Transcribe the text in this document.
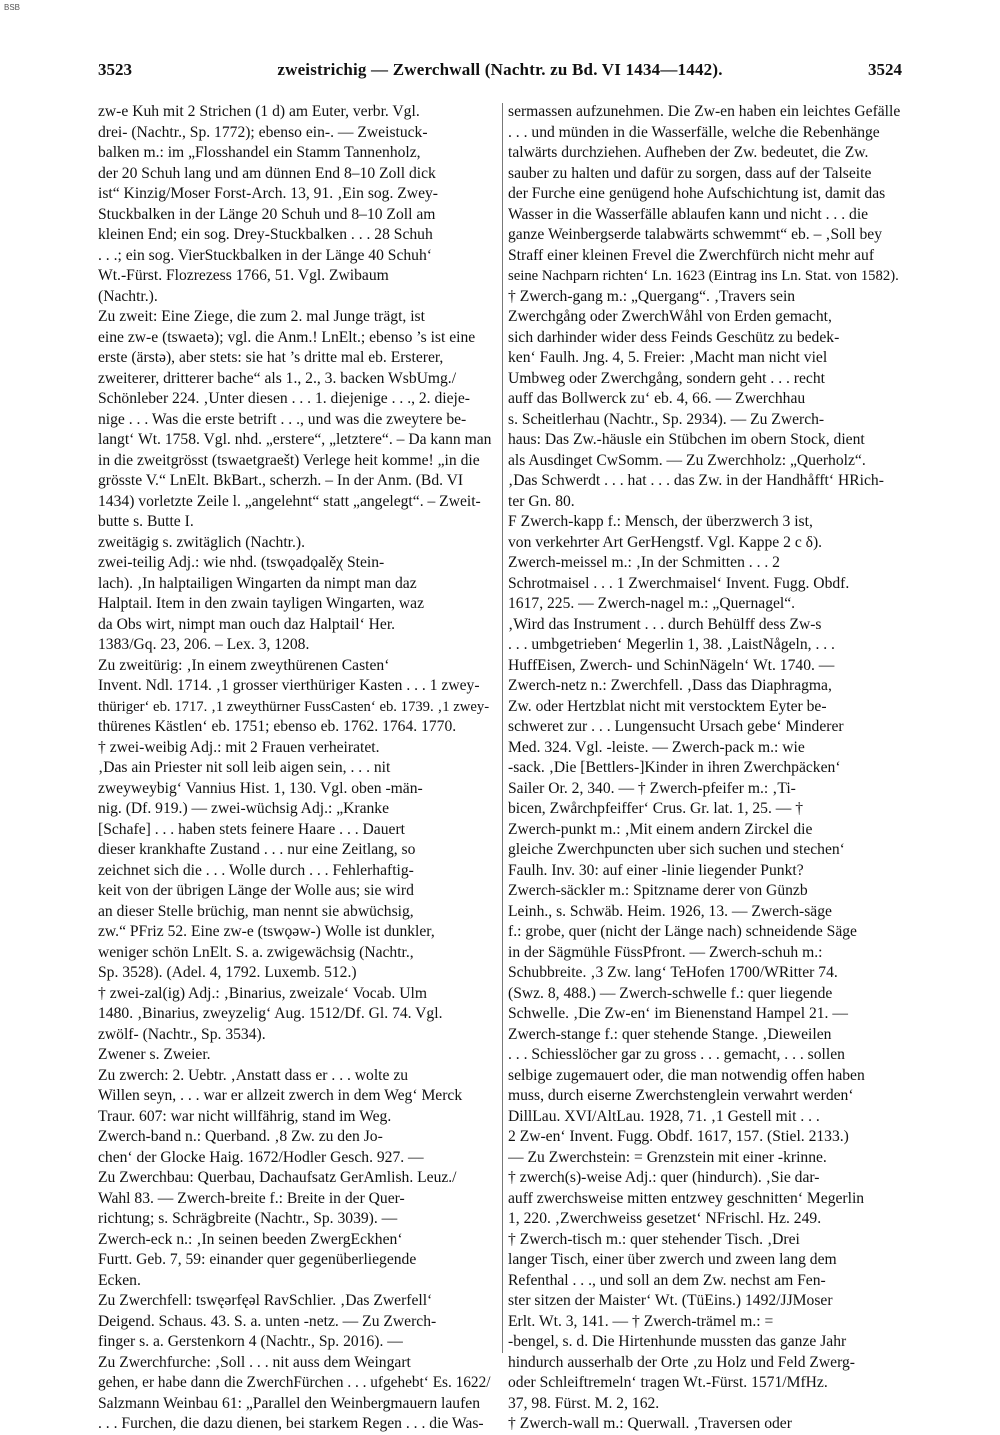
BSB
3523	zweistrichig — Zwerchwall (Nachtr. zu Bd. VI 1434—1442).	3524
zw-e Kuh mit 2 Strichen (1 d) am Euter, verbr. Vgl.
drei- (Nachtr., Sp. 1772); ebenso ein-. — Zweistuck-
balken m.: im „Flosshandel ein Stamm Tannenholz,
der 20 Schuh lang und am dünnen End 8–10 Zoll dick
ist“ Kinzig/Moser Forst-Arch. 13, 91. ‚Ein sog. Zwey-
Stuckbalken in der Länge 20 Schuh und 8–10 Zoll am
kleinen End; ein sog. Drey-Stuckbalken . . . 28 Schuh
. . .; ein sog. VierStuckbalken in der Länge 40 Schuh‘
Wt.-Fürst. Flozrezess 1766, 51. Vgl. Zwibaum
(Nachtr.).
Zu zweit: Eine Ziege, die zum 2. mal Junge trägt, ist
eine zw-e (tswaetə); vgl. die Anm.! LnElt.; ebenso ’s ist eine
erste (ärstə), aber stets: sie hat ’s dritte mal eb. Ersterer,
zweiterer, dritterer bache“ als 1., 2., 3. backen WsbUmg./
Schönleber 224. ‚Unter diesen . . . 1. diejenige . . ., 2. dieje-
nige . . . Was die erste betrift . . ., und was die zweytere be-
langt‘ Wt. 1758. Vgl. nhd. „erstere“, „letztere“. – Da kann man
in die zweitgrösst (tswaetgraešt) Verlege heit komme! „in die
grösste V.“ LnElt. BkBart., scherzh. – In der Anm. (Bd. VI
1434) vorletzte Zeile l. „angelehnt“ statt „angelegt“. – Zweit-
butte s. Butte I.
zweitägig s. zwitäglich (Nachtr.).
zwei-teilig Adj.: wie nhd. (tswǫadǫalěχ Stein-
lach). ‚In halptailigen Wingarten da nimpt man daz
Halptail. Item in den zwain tayligen Wingarten, waz
da Obs wirt, nimpt man ouch daz Halptail‘ Her.
1383/Gq. 23, 206. – Lex. 3, 1208.
Zu zweitürig: ‚In einem zweythürenen Casten‘
Invent. Ndl. 1714. ‚1 grosser vierthüriger Kasten . . . 1 zwey-
thüriger‘ eb. 1717. ‚1 zweythürner FussCasten‘ eb. 1739. ‚1 zwey-
thürenes Kästlen‘ eb. 1751; ebenso eb. 1762. 1764. 1770.
† zwei-weibig Adj.: mit 2 Frauen verheiratet.
‚Das ain Priester nit soll leib aigen sein, . . . nit
zweyweybig‘ Vannius Hist. 1, 130. Vgl. oben -män-
nig. (Df. 919.) — zwei-wüchsig Adj.: „Kranke
[Schafe] . . . haben stets feinere Haare . . . Dauert
dieser krankhafte Zustand . . . nur eine Zeitlang, so
zeichnet sich die . . . Wolle durch . . . Fehlerhaftig-
keit von der übrigen Länge der Wolle aus; sie wird
an dieser Stelle brüchig, man nennt sie abwüchsig,
zw.“ PFriz 52. Eine zw-e (tswǫəw-) Wolle ist dunkler,
weniger schön LnElt. S. a. zwigewächsig (Nachtr.,
Sp. 3528). (Adel. 4, 1792. Luxemb. 512.)
† zwei-zal(ig) Adj.: ‚Binarius, zweizale‘ Vocab. Ulm
1480. ‚Binarius, zweyzelig‘ Aug. 1512/Df. Gl. 74. Vgl.
zwölf- (Nachtr., Sp. 3534).
Zwener s. Zweier.
Zu zwerch: 2. Uebtr. ‚Anstatt dass er . . . wolte zu
Willen seyn, . . . war er allzeit zwerch in dem Weg‘ Merck
Traur. 607: war nicht willfährig, stand im Weg.
Zwerch-band n.: Querband. ‚8 Zw. zu den Jo-
chen‘ der Glocke Haig. 1672/Hodler Gesch. 927. —
Zu Zwerchbau: Querbau, Dachaufsatz GerAmlish. Leuz./
Wahl 83. — Zwerch-breite f.: Breite in der Quer-
richtung; s. Schrägbreite (Nachtr., Sp. 3039). —
Zwerch-eck n.: ‚In seinen beeden ZwergEckhen‘
Furtt. Geb. 7, 59: einander quer gegenüberliegende
Ecken.
Zu Zwerchfell: tswęərfęəl RavSchlier. ‚Das Zwerfell‘
Deigend. Schaus. 43. S. a. unten -netz. — Zu Zwerch-
finger s. a. Gerstenkorn 4 (Nachtr., Sp. 2016). —
Zu Zwerchfurche: ‚Soll . . . nit auss dem Weingart
gehen, er habe dann die ZwerchFürchen . . . ufgehebt‘ Es. 1622/
Salzmann Weinbau 61: „Parallel den Weinbergmauern laufen
. . . Furchen, die dazu dienen, bei starkem Regen . . . die Was-
sermassen aufzunehmen. Die Zw-en haben ein leichtes Gefälle
. . . und münden in die Wasserfälle, welche die Rebenhänge
talwärts durchziehen. Aufheben der Zw. bedeutet, die Zw.
sauber zu halten und dafür zu sorgen, dass auf der Talseite
der Furche eine genügend hohe Aufschichtung ist, damit das
Wasser in die Wasserfälle ablaufen kann und nicht . . . die
ganze Weinbergserde talabwärts schwemmt“ eb. – ‚Soll bey
Straff einer kleinen Frevel die Zwerchfürch nicht mehr auf
seine Nachparn richten‘ Ln. 1623 (Eintrag ins Ln. Stat. von 1582).
† Zwerch-gang m.: „Quergang“. ‚Travers sein
Zwerchgång oder ZwerchWåhl von Erden gemacht,
sich darhinder wider dess Feinds Geschütz zu bedek-
ken‘ Faulh. Jng. 4, 5. Freier: ‚Macht man nicht viel
Umbweg oder Zwerchgång, sondern geht . . . recht
auff das Bollwerck zu‘ eb. 4, 66. — Zwerchhau
s. Scheitlerhau (Nachtr., Sp. 2934). — Zu Zwerch-
haus: Das Zw.-häusle ein Stübchen im obern Stock, dient
als Ausdinget CwSomm. — Zu Zwerchholz: „Querholz“.
‚Das Schwerdt . . . hat . . . das Zw. in der Handhåfft‘ HRich-
ter Gn. 80.
F Zwerch-kapp f.: Mensch, der überzwerch 3 ist,
von verkehrter Art GerHengstf. Vgl. Kappe 2 c δ).
Zwerch-meissel m.: ‚In der Schmitten . . . 2
Schrotmaisel . . . 1 Zwerchmaisel‘ Invent. Fugg. Obdf.
1617, 225. — Zwerch-nagel m.: „Quernagel“.
‚Wird das Instrument . . . durch Behülff dess Zw-s
. . . umbgetrieben‘ Megerlin 1, 38. ‚LaistNågeln, . . .
HuffEisen, Zwerch- und SchinNägeln‘ Wt. 1740. —
Zwerch-netz n.: Zwerchfell. ‚Dass das Diaphragma,
Zw. oder Hertzblat nicht mit verstocktem Eyter be-
schweret zur . . . Lungensucht Ursach gebe‘ Minderer
Med. 324. Vgl. -leiste. — Zwerch-pack m.: wie
-sack. ‚Die [Bettlers-]Kinder in ihren Zwerchpäcken‘
Sailer Or. 2, 340. — † Zwerch-pfeifer m.: ‚Ti-
bicen, Zwårchpfeiffer‘ Crus. Gr. lat. 1, 25. — †
Zwerch-punkt m.: ‚Mit einem andern Zirckel die
gleiche Zwerchpuncten uber sich suchen und stechen‘
Faulh. Inv. 30: auf einer -linie liegender Punkt?
Zwerch-säckler m.: Spitzname derer von Günzb
Leinh., s. Schwäb. Heim. 1926, 13. — Zwerch-säge
f.: grobe, quer (nicht der Länge nach) schneidende Säge
in der Sägmühle FüssPfront. — Zwerch-schuh m.:
Schubbreite. ‚3 Zw. lang‘ TeHofen 1700/WRitter 74.
(Swz. 8, 488.) — Zwerch-schwelle f.: quer liegende
Schwelle. ‚Die Zw-en‘ im Bienenstand Hampel 21. —
Zwerch-stange f.: quer stehende Stange. ‚Dieweilen
. . . Schiesslöcher gar zu gross . . . gemacht, . . . sollen
selbige zugemauert oder, die man notwendig offen haben
muss, durch eiserne Zwerchstenglein verwahrt werden‘
DillLau. XVI/AltLau. 1928, 71. ‚1 Gestell mit . . .
2 Zw-en‘ Invent. Fugg. Obdf. 1617, 157. (Stiel. 2133.)
— Zu Zwerchstein: = Grenzstein mit einer -krinne.
† zwerch(s)-weise Adj.: quer (hindurch). ‚Sie dar-
auff zwerchsweise mitten entzwey geschnitten‘ Megerlin
1, 220. ‚Zwerchweiss gesetzet‘ NFrischl. Hz. 249.
† Zwerch-tisch m.: quer stehender Tisch. ‚Drei
langer Tisch, einer über zwerch und zween lang dem
Refenthal . . ., und soll an dem Zw. nechst am Fen-
ster sitzen der Maister‘ Wt. (TüEins.) 1492/JJMoser
Erlt. Wt. 3, 141. — † Zwerch-trämel m.: =
-bengel, s. d. Die Hirtenhunde mussten das ganze Jahr
hindurch ausserhalb der Orte ‚zu Holz und Feld Zwerg-
oder Schleiftremeln‘ tragen Wt.-Fürst. 1571/MfHz.
37, 98. Fürst. M. 2, 162.
† Zwerch-wall m.: Querwall. ‚Traversen oder
